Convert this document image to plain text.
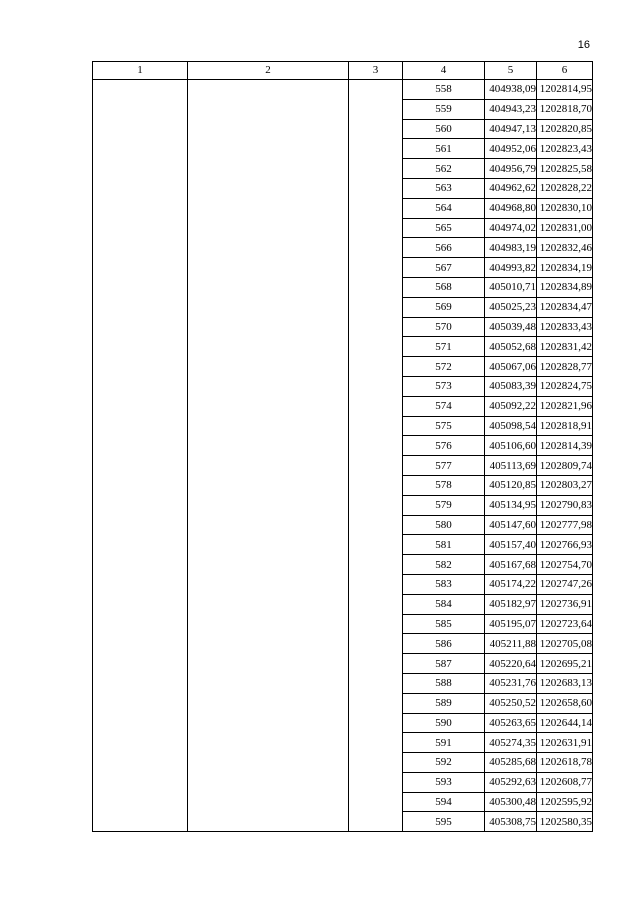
16
1	2	3	4	5	6
			558	404938,09	1202814,95
			559	404943,23	1202818,70
			560	404947,13	1202820,85
			561	404952,06	1202823,43
			562	404956,79	1202825,58
			563	404962,62	1202828,22
			564	404968,80	1202830,10
			565	404974,02	1202831,00
			566	404983,19	1202832,46
			567	404993,82	1202834,19
			568	405010,71	1202834,89
			569	405025,23	1202834,47
			570	405039,48	1202833,43
			571	405052,68	1202831,42
			572	405067,06	1202828,77
			573	405083,39	1202824,75
			574	405092,22	1202821,96
			575	405098,54	1202818,91
			576	405106,60	1202814,39
			577	405113,69	1202809,74
			578	405120,85	1202803,27
			579	405134,95	1202790,83
			580	405147,60	1202777,98
			581	405157,40	1202766,93
			582	405167,68	1202754,70
			583	405174,22	1202747,26
			584	405182,97	1202736,91
			585	405195,07	1202723,64
			586	405211,88	1202705,08
			587	405220,64	1202695,21
			588	405231,76	1202683,13
			589	405250,52	1202658,60
			590	405263,65	1202644,14
			591	405274,35	1202631,91
			592	405285,68	1202618,78
			593	405292,63	1202608,77
			594	405300,48	1202595,92
			595	405308,75	1202580,35
